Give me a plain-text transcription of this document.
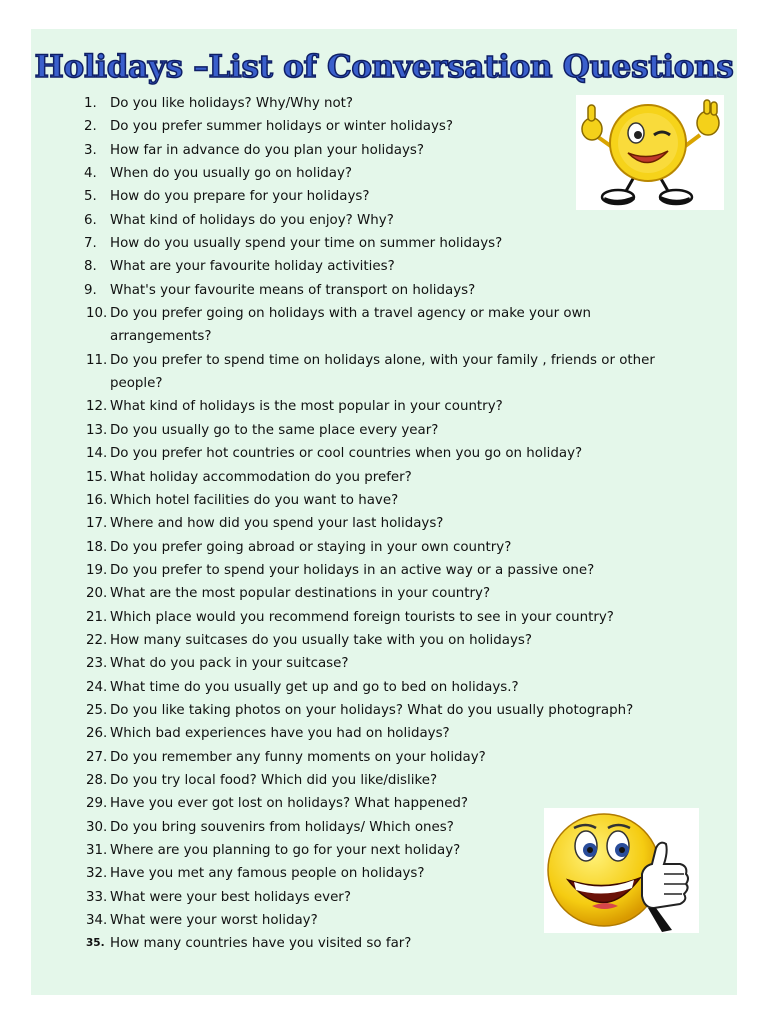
Holidays –List of Conversation Questions
1. Do you like holidays? Why/Why not?
2. Do you prefer summer holidays or winter holidays?
3. How far in advance do you plan your holidays?
4. When do you usually go on holiday?
5. How do you prepare for your holidays?
6. What kind of holidays do you enjoy? Why?
7. How do you usually spend your time on summer holidays?
8. What are your favourite holiday activities?
9. What's your favourite means of transport on holidays?
10. Do you prefer going on holidays with a travel agency or make your own arrangements?
11. Do you prefer to spend time on holidays alone, with your family , friends or other people?
12. What kind of holidays is the most popular in your country?
13. Do you usually go to the same place every year?
14. Do you prefer hot countries or cool countries when you go on holiday?
15. What holiday accommodation do you prefer?
16. Which hotel facilities do you want to have?
17. Where and how did you spend your last holidays?
18. Do you prefer going abroad or staying in your own country?
19. Do you prefer to spend your holidays in an active way or a passive one?
20. What are the most popular destinations in your country?
21. Which place would you recommend foreign tourists to see in your country?
22. How many suitcases do you usually take with you on holidays?
23. What do you pack in your suitcase?
24. What time do you usually get up and go to bed on holidays.?
25. Do you like taking photos on your holidays? What do you usually photograph?
26. Which bad experiences have you had on holidays?
27. Do you remember any funny moments on your holiday?
28. Do you try local food? Which did you like/dislike?
29. Have you ever got lost on holidays? What happened?
30. Do you bring souvenirs from holidays/ Which ones?
31. Where are you planning to go for your next holiday?
32. Have you met any famous people on holidays?
33. What were your best holidays ever?
34. What were your worst holiday?
35. How many countries have you visited so far?
